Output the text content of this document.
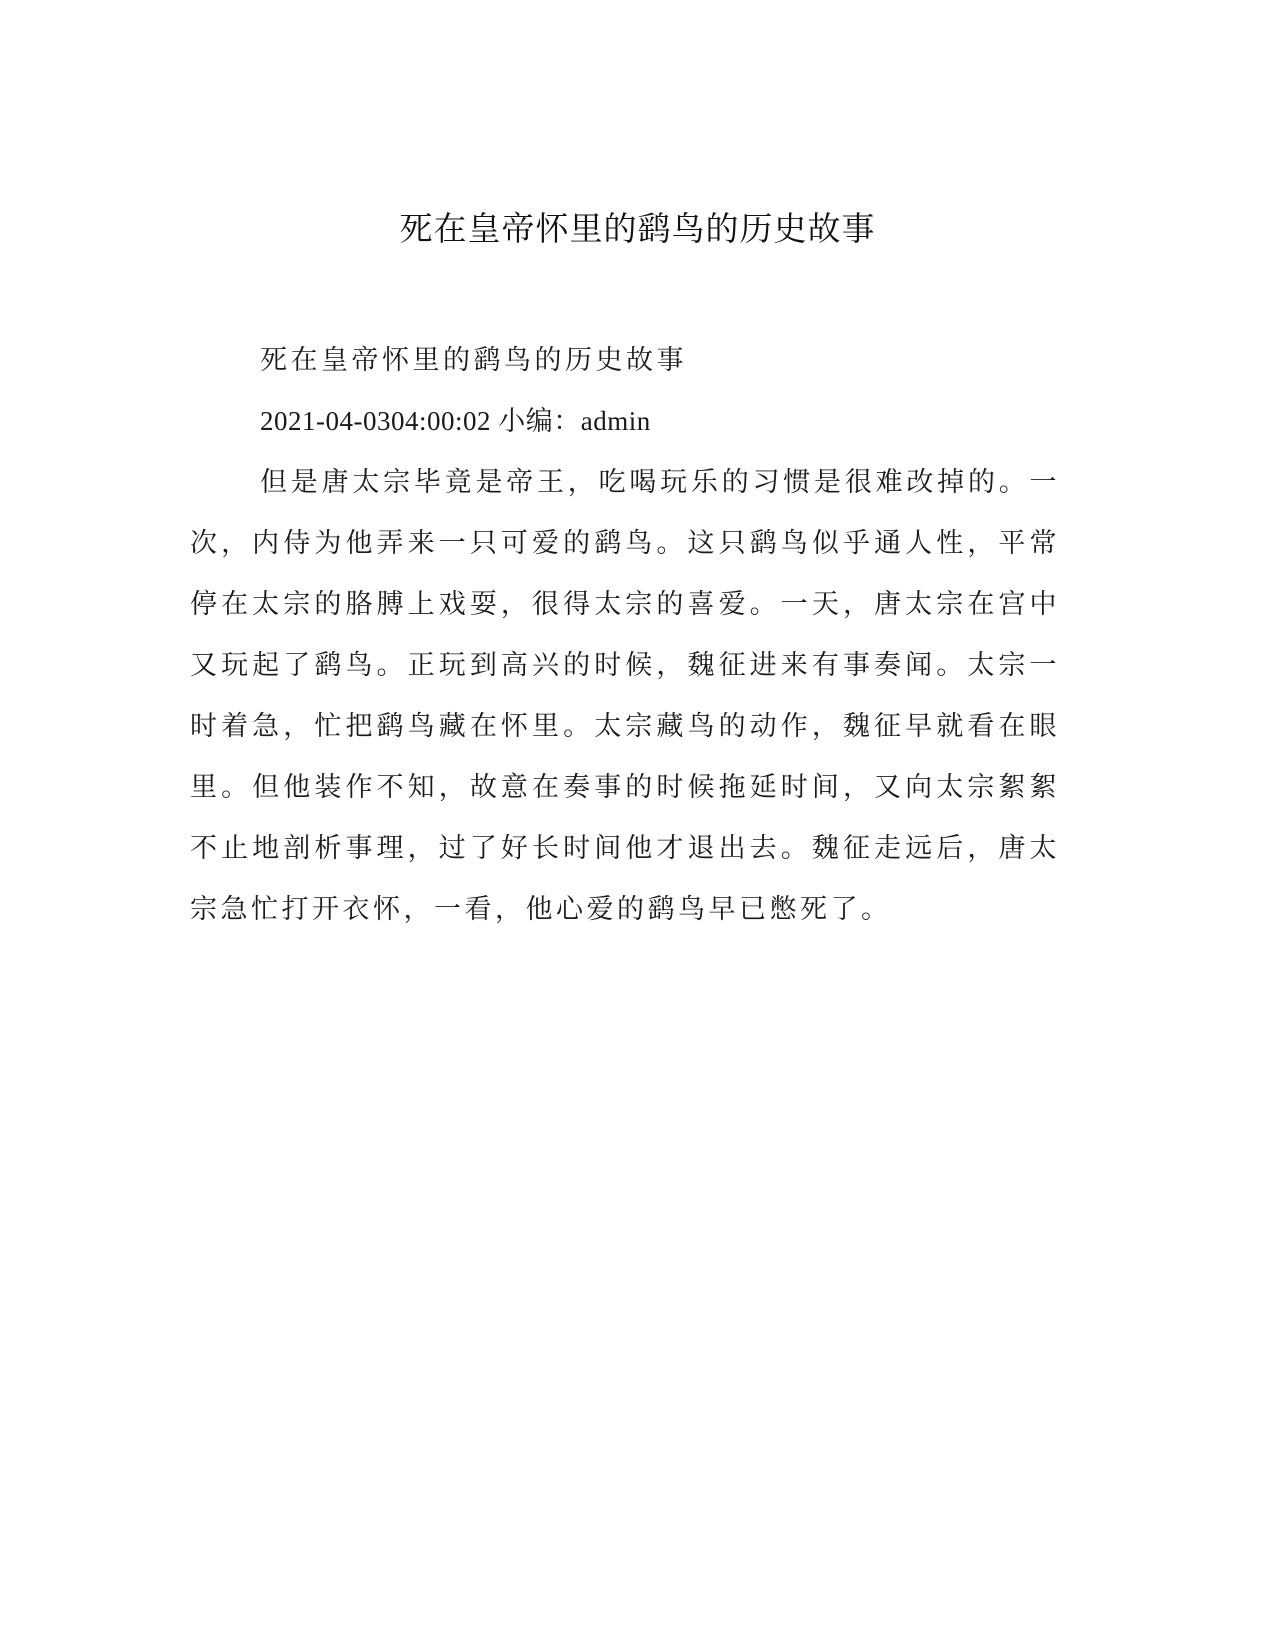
死在皇帝怀里的鹞鸟的历史故事

死在皇帝怀里的鹞鸟的历史故事

2021-04-0304:00:02 小编：admin

但是唐太宗毕竟是帝王，吃喝玩乐的习惯是很难改掉的。一次，内侍为他弄来一只可爱的鹞鸟。这只鹞鸟似乎通人性，平常停在太宗的胳膊上戏耍，很得太宗的喜爱。一天，唐太宗在宫中又玩起了鹞鸟。正玩到高兴的时候，魏征进来有事奏闻。太宗一时着急，忙把鹞鸟藏在怀里。太宗藏鸟的动作，魏征早就看在眼里。但他装作不知，故意在奏事的时候拖延时间，又向太宗絮絮不止地剖析事理，过了好长时间他才退出去。魏征走远后，唐太宗急忙打开衣怀，一看，他心爱的鹞鸟早已憋死了。
